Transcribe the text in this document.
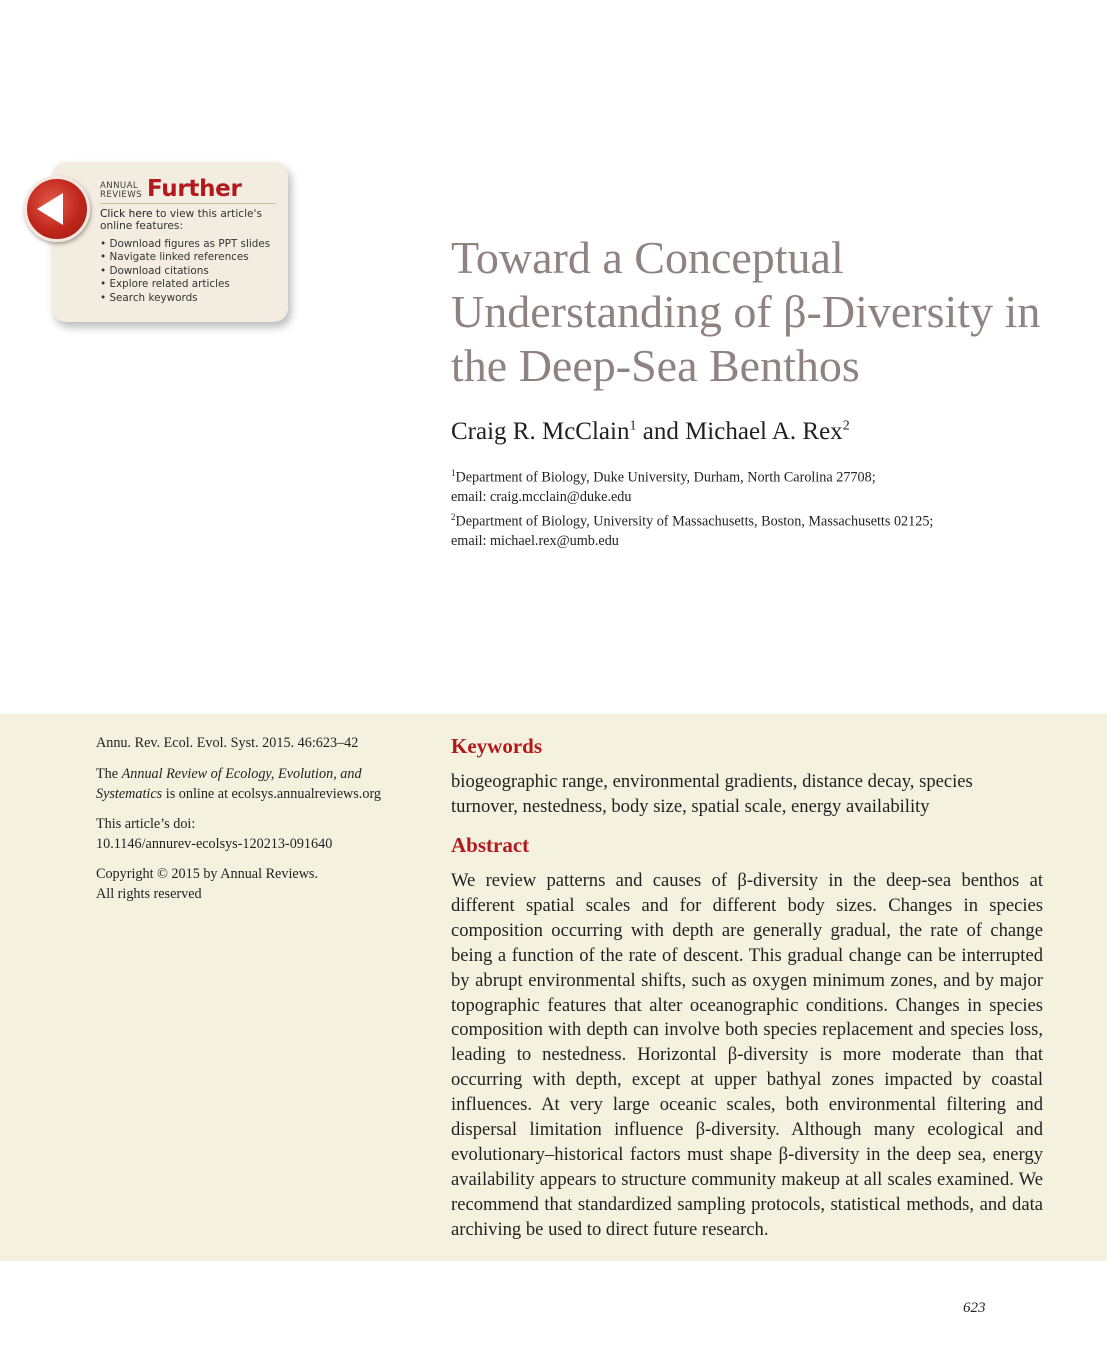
ANNUAL
REVIEWS Further
Click here to view this article's online features:
• Download figures as PPT slides
• Navigate linked references
• Download citations
• Explore related articles
• Search keywords
Toward a Conceptual Understanding of β-Diversity in the Deep-Sea Benthos
Craig R. McClain$^1$ and Michael A. Rex$^2$
$^1$Department of Biology, Duke University, Durham, North Carolina 27708;
email: craig.mcclain@duke.edu
$^2$Department of Biology, University of Massachusetts, Boston, Massachusetts 02125;
email: michael.rex@umb.edu
Annu. Rev. Ecol. Evol. Syst. 2015. 46:623–42
The Annual Review of Ecology, Evolution, and Systematics is online at ecolsys.annualreviews.org
This article’s doi:
10.1146/annurev-ecolsys-120213-091640
Copyright © 2015 by Annual Reviews.
All rights reserved
Keywords
biogeographic range, environmental gradients, distance decay, species turnover, nestedness, body size, spatial scale, energy availability
Abstract

We review patterns and causes of β-diversity in the deep-sea benthos at different spatial scales and for different body sizes. Changes in species composition occurring with depth are generally gradual, the rate of change being a function of the rate of descent. This gradual change can be interrupted by abrupt environmental shifts, such as oxygen minimum zones, and by major topographic features that alter oceanographic conditions. Changes in species composition with depth can involve both species replacement and species loss, leading to nestedness. Horizontal β-diversity is more moderate than that occurring with depth, except at upper bathyal zones impacted by coastal influences. At very large oceanic scales, both environmental filtering and dispersal limitation influence β-diversity. Although many ecological and evolutionary–historical factors must shape β-diversity in the deep sea, energy availability appears to structure community makeup at all scales examined. We recommend that standardized sampling protocols, statistical methods, and data archiving be used to direct future research.

623
